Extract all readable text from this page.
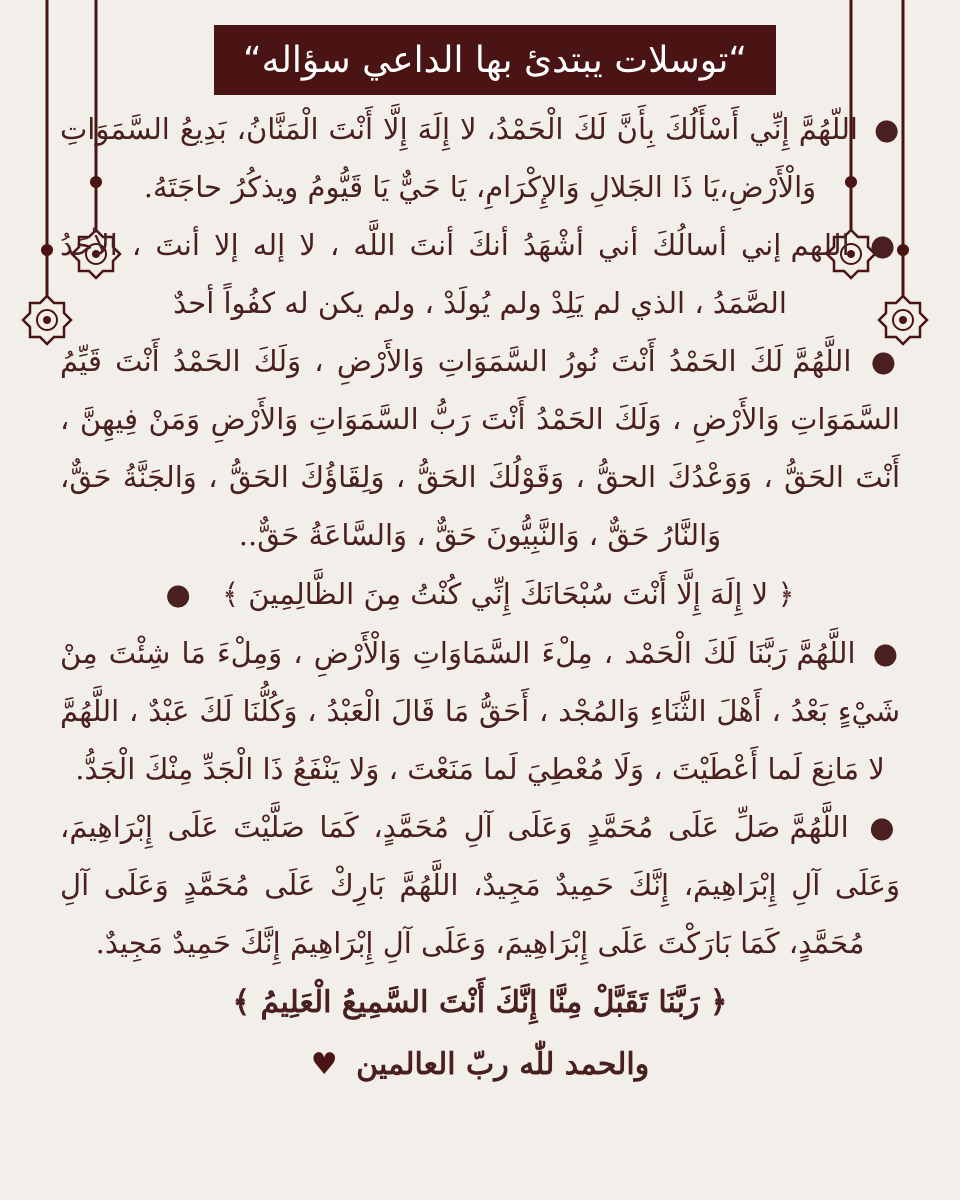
“توسلات يبتدئ بها الداعي سؤاله“

● اللّهُمَّ إِنِّي أَسْأَلُكَ بِأَنَّ لَكَ الْحَمْدُ، لا إِلَهَ إِلَّا أَنْتَ الْمَنَّانُ، بَدِيعُ السَّمَوَاتِ وَالْأَرْضِ،يَا ذَا الجَلالِ وَالإِكْرَامِ، يَا حَيٌّ يَا قَيُّومُ ويذكُرُ حاجَتَهُ.

● اللهم إني أسالُكَ أني أشْهَدُ أنكَ أنتَ اللَّه ، لا إله إلا أنتَ ، الأحَدُ الصَّمَدُ ، الذي لم يَلِدْ ولم يُولَدْ ، ولم يكن له كفُواً أحدٌ

● اللَّهُمَّ لَكَ الحَمْدُ أَنْتَ نُورُ السَّمَوَاتِ وَالأَرْضِ ، وَلَكَ الحَمْدُ أَنْتَ قَيِّمُ السَّمَوَاتِ وَالأَرْضِ ، وَلَكَ الحَمْدُ أَنْتَ رَبُّ السَّمَوَاتِ وَالأَرْضِ وَمَنْ فِيهِنَّ ، أَنْتَ الحَقُّ ، وَوَعْدُكَ الحقُّ ، وَقَوْلُكَ الحَقُّ ، وَلِقَاؤُكَ الحَقُّ ، وَالجَنَّةُ حَقٌّ، وَالنَّارُ حَقٌّ ، وَالنَّبِيُّونَ حَقٌّ ، وَالسَّاعَةُ حَقٌّ..

﴿ لا إِلَهَ إِلَّا أَنْتَ سُبْحَانَكَ إِنِّي كُنْتُ مِنَ الظَّالِمِينَ ﴾ ●

● اللَّهُمَّ رَبَّنَا لَكَ الْحَمْد ، مِلْءَ السَّمَاوَاتِ وَالْأَرْضِ ، وَمِلْءَ مَا شِئْتَ مِنْ شَيْءٍ بَعْدُ ، أَهْلَ الثَّنَاءِ وَالمُجْد ، أَحَقُّ مَا قَالَ الْعَبْدُ ، وَكُلُّنَا لَكَ عَبْدٌ ، اللَّهُمَّ لا مَانِعَ لَما أَعْطَيْتَ ، وَلَا مُعْطِيَ لَما مَنَعْتَ ، وَلا يَنْفَعُ ذَا الْجَدِّ مِنْكَ الْجَدُّ.

● اللَّهُمَّ صَلِّ عَلَى مُحَمَّدٍ وَعَلَى آلِ مُحَمَّدٍ، كَمَا صَلَّيْتَ عَلَى إِبْرَاهِيمَ، وَعَلَى آلِ إِبْرَاهِيمَ، إِنَّكَ حَمِيدٌ مَجِيدٌ، اللَّهُمَّ بَارِكْ عَلَى مُحَمَّدٍ وَعَلَى آلِ مُحَمَّدٍ، كَمَا بَارَكْتَ عَلَى إِبْرَاهِيمَ، وَعَلَى آلِ إِبْرَاهِيمَ إِنَّكَ حَمِيدٌ مَجِيدٌ.

﴿ رَبَّنَا تَقَبَّلْ مِنَّا إِنَّكَ أَنْتَ السَّمِيعُ الْعَلِيمُ ﴾

والحمد للّٰه ربّ العالمين ♥
